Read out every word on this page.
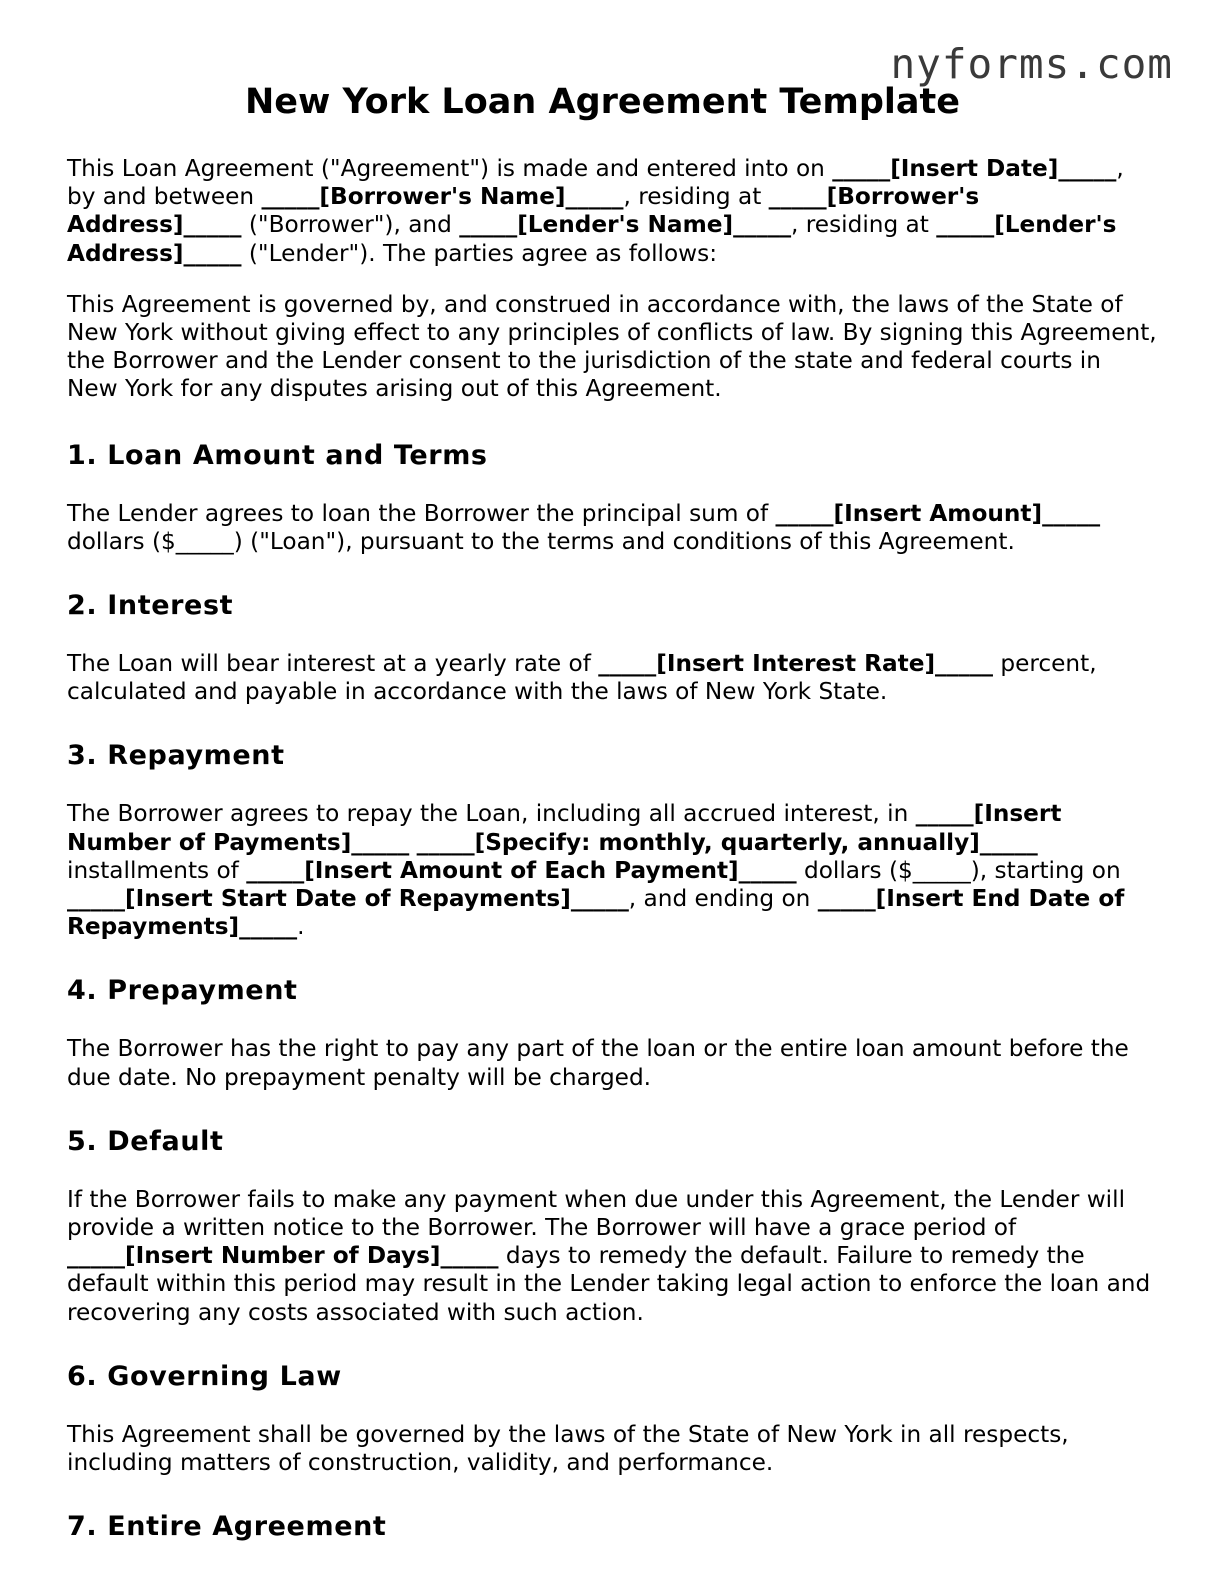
nyforms.com
New York Loan Agreement Template

This Loan Agreement ("Agreement") is made and entered into on _____[Insert Date]_____, by and between _____[Borrower's Name]_____, residing at _____[Borrower's Address]_____ ("Borrower"), and _____[Lender's Name]_____, residing at _____[Lender's Address]_____ ("Lender"). The parties agree as follows:

This Agreement is governed by, and construed in accordance with, the laws of the State of New York without giving effect to any principles of conflicts of law. By signing this Agreement, the Borrower and the Lender consent to the jurisdiction of the state and federal courts in New York for any disputes arising out of this Agreement.

1. Loan Amount and Terms

The Lender agrees to loan the Borrower the principal sum of _____[Insert Amount]_____ dollars ($_____) ("Loan"), pursuant to the terms and conditions of this Agreement.

2. Interest

The Loan will bear interest at a yearly rate of _____[Insert Interest Rate]_____ percent, calculated and payable in accordance with the laws of New York State.

3. Repayment

The Borrower agrees to repay the Loan, including all accrued interest, in _____[Insert Number of Payments]_____ _____[Specify: monthly, quarterly, annually]_____ installments of _____[Insert Amount of Each Payment]_____ dollars ($_____), starting on _____[Insert Start Date of Repayments]_____, and ending on _____[Insert End Date of Repayments]_____.

4. Prepayment

The Borrower has the right to pay any part of the loan or the entire loan amount before the due date. No prepayment penalty will be charged.

5. Default

If the Borrower fails to make any payment when due under this Agreement, the Lender will provide a written notice to the Borrower. The Borrower will have a grace period of _____[Insert Number of Days]_____ days to remedy the default. Failure to remedy the default within this period may result in the Lender taking legal action to enforce the loan and recovering any costs associated with such action.

6. Governing Law

This Agreement shall be governed by the laws of the State of New York in all respects, including matters of construction, validity, and performance.

7. Entire Agreement
